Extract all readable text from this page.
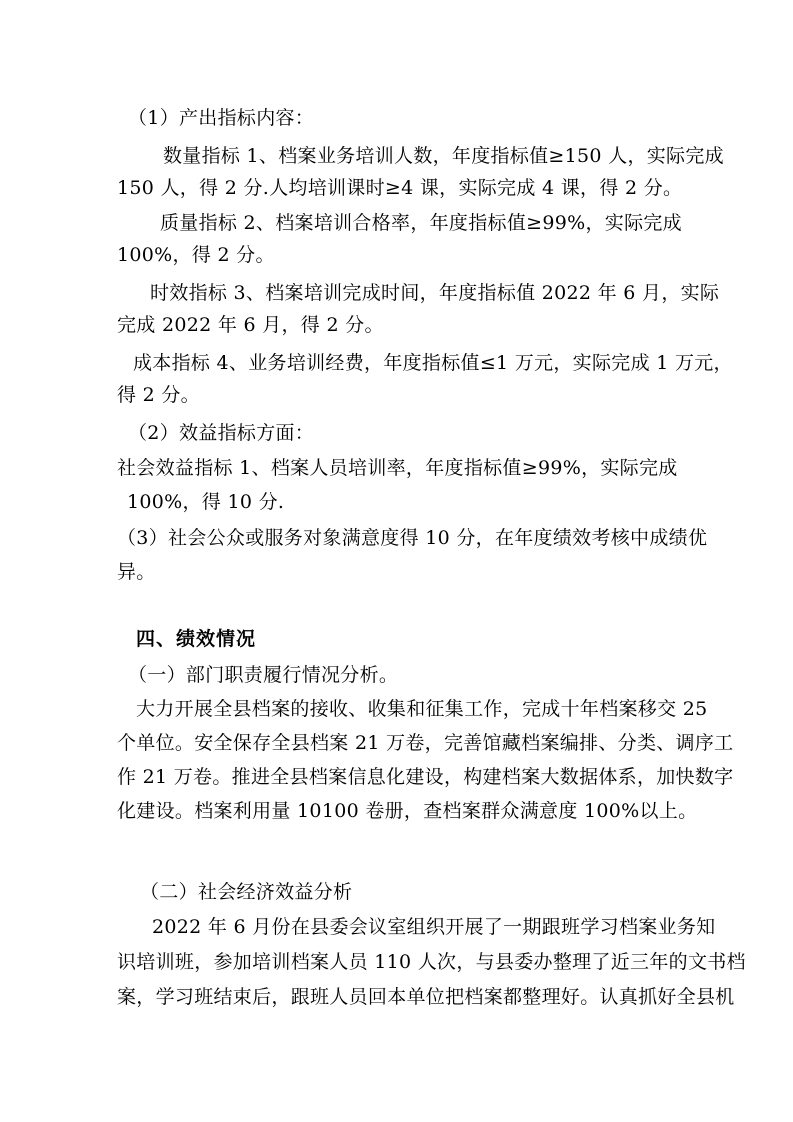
（1）产出指标内容：
数量指标 1、档案业务培训人数，年度指标值≥150 人，实际完成
150 人，得 2 分.人均培训课时≥4 课，实际完成 4 课，得 2 分。
质量指标 2、档案培训合格率，年度指标值≥99%，实际完成
100%，得 2 分。
时效指标 3、档案培训完成时间，年度指标值 2022 年 6 月，实际
完成 2022 年 6 月，得 2 分。
成本指标 4、业务培训经费，年度指标值≤1 万元，实际完成 1 万元，
得 2 分。
（2）效益指标方面：
社会效益指标 1、档案人员培训率，年度指标值≥99%，实际完成
100%，得 10 分.
（3）社会公众或服务对象满意度得 10 分，在年度绩效考核中成绩优
异。
四、绩效情况
（一）部门职责履行情况分析。
大力开展全县档案的接收、收集和征集工作，完成十年档案移交 25
个单位。安全保存全县档案 21 万卷，完善馆藏档案编排、分类、调序工
作 21 万卷。推进全县档案信息化建设，构建档案大数据体系，加快数字
化建设。档案利用量 10100 卷册，查档案群众满意度 100%以上。
（二）社会经济效益分析
2022 年 6 月份在县委会议室组织开展了一期跟班学习档案业务知
识培训班，参加培训档案人员 110 人次，与县委办整理了近三年的文书档
案，学习班结束后，跟班人员回本单位把档案都整理好。认真抓好全县机
